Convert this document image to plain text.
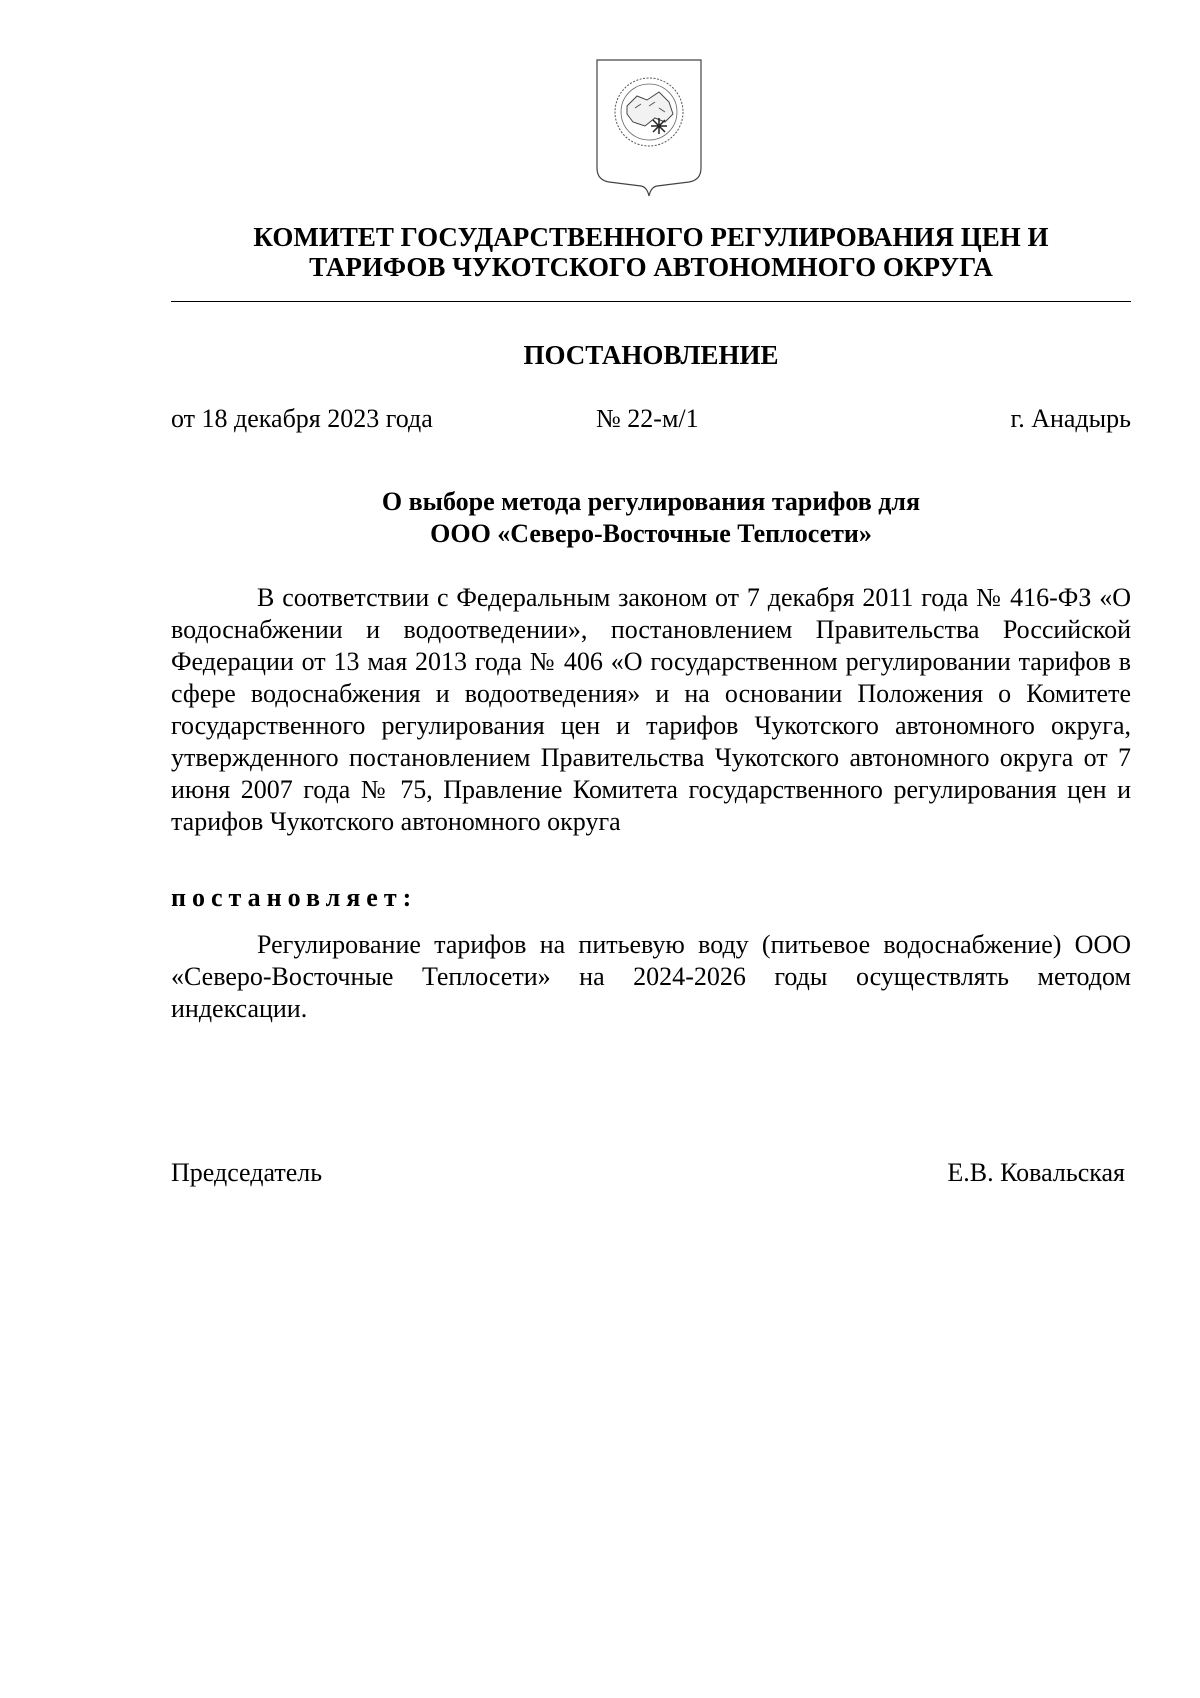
КОМИТЕТ ГОСУДАРСТВЕННОГО РЕГУЛИРОВАНИЯ ЦЕН И
ТАРИФОВ ЧУКОТСКОГО АВТОНОМНОГО ОКРУГА
ПОСТАНОВЛЕНИЕ
от 18 декабря 2023 года	№ 22-м/1	г. Анадырь
О выборе метода регулирования тарифов для
ООО «Северо-Восточные Теплосети»
В соответствии с Федеральным законом от 7 декабря 2011 года № 416-ФЗ «О водоснабжении и водоотведении», постановлением Правительства Российской Федерации от 13 мая 2013 года № 406 «О государственном регулировании тарифов в сфере водоснабжения и водоотведения» и на основании Положения о Комитете государственного регулирования цен и тарифов Чукотского автономного округа, утвержденного постановлением Правительства Чукотского автономного округа от 7 июня 2007 года № 75, Правление Комитета государственного регулирования цен и тарифов Чукотского автономного округа
постановляет:
Регулирование тарифов на питьевую воду (питьевое водоснабжение) ООО «Северо-Восточные Теплосети» на 2024-2026 годы осуществлять методом индексации.
Председатель	Е.В. Ковальская
